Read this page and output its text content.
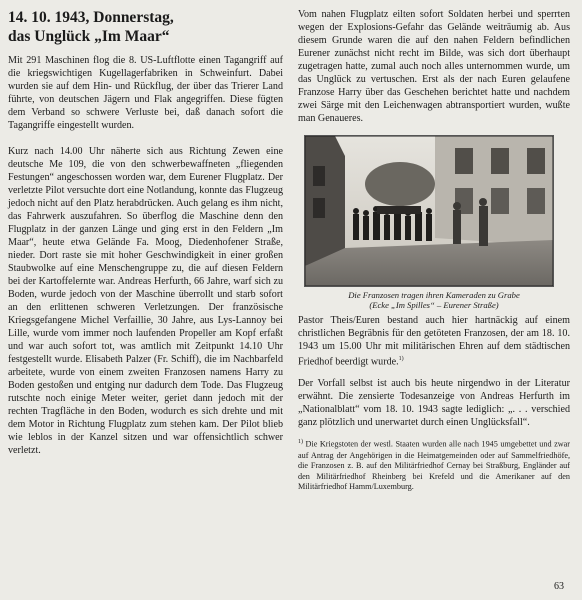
14. 10. 1943, Donnerstag,
das Unglück „Im Maar“

Mit 291 Maschinen flog die 8. US-Luftflotte einen Tagangriff auf die kriegswichtigen Kugellagerfabriken in Schweinfurt. Dabei wurden sie auf dem Hin- und Rückflug, der über das Trierer Land führte, von deutschen Jägern und Flak angegriffen. Diese fügten dem Verband so schwere Verluste bei, daß danach sofort die Tagangriffe eingestellt wurden.

Kurz nach 14.00 Uhr näherte sich aus Richtung Zewen eine deutsche Me 109, die von den schwerbewaffneten „fliegenden Festungen“ angeschossen worden war, dem Eurener Flugplatz. Der verletzte Pilot versuchte dort eine Notlandung, konnte das Flugzeug jedoch nicht auf den Platz herabdrücken. Auch gelang es ihm nicht, das Fahrwerk auszufahren. So überflog die Maschine denn den Flugplatz in der ganzen Länge und ging erst in den Feldern „Im Maar“, heute etwa Gelände Fa. Moog, Diedenhofener Straße, nieder. Dort raste sie mit hoher Geschwindigkeit in einer großen Staubwolke auf eine Menschengruppe zu, die auf diesen Feldern bei der Kartoffelernte war. Andreas Herfurth, 66 Jahre, warf sich zu Boden, wurde jedoch von der Maschine überrollt und starb sofort an den erlittenen schweren Verletzungen. Der französische Kriegsgefangene Michel Verfaillie, 30 Jahre, aus Lys-Lannoy bei Lille, wurde vom immer noch laufenden Propeller am Kopf erfaßt und war auch sofort tot, was amtlich mit Zeitpunkt 14.10 Uhr festgestellt wurde. Elisabeth Palzer (Fr. Schiff), die im Nachbarfeld arbeitete, wurde von einem zweiten Franzosen namens Harry zu Boden gestoßen und entging nur dadurch dem Tode. Das Flugzeug rutschte noch einige Meter weiter, geriet dann jedoch mit der rechten Tragfläche in den Boden, wodurch es sich drehte und mit dem Motor in Richtung Flugplatz zum stehen kam. Der Pilot blieb wie leblos in der Kanzel sitzen und war offensichtlich schwer verletzt.

Vom nahen Flugplatz eilten sofort Soldaten herbei und sperrten wegen der Explosions-Gefahr das Gelände weiträumig ab. Aus diesem Grunde waren die auf den nahen Feldern befindlichen Eurener zunächst nicht recht im Bilde, was sich dort überhaupt zugetragen hatte, zumal auch noch alles unternommen wurde, um das Unglück zu vertuschen. Erst als der nach Euren gelaufene Franzose Harry über das Geschehen berichtet hatte und nachdem zwei Särge mit den Leichenwagen abtransportiert wurden, wußte man Genaueres.

Die Franzosen tragen ihren Kameraden zu Grabe
(Ecke „Im Spilles“ – Eurener Straße)

Pastor Theis/Euren bestand auch hier hartnäckig auf einem christlichen Begräbnis für den getöteten Franzosen, der am 18. 10. 1943 um 15.00 Uhr mit militärischen Ehren auf dem städtischen Friedhof beerdigt wurde.$^{1)}$

Der Vorfall selbst ist auch bis heute nirgendwo in der Literatur erwähnt. Die zensierte Todesanzeige von Andreas Herfurth im „Nationalblatt“ vom 18. 10. 1943 sagte lediglich: „. . . verschied ganz plötzlich und unerwartet durch einen Unglücksfall“.

$^{1)}$ Die Kriegstoten der westl. Staaten wurden alle nach 1945 umgebettet und zwar auf Antrag der Angehörigen in die Heimatgemeinden oder auf Sammelfriedhöfe, die Franzosen z. B. auf den Militärfriedhof Cernay bei Straßburg, Engländer auf den Militärfriedhof Rheinberg bei Krefeld und die Amerikaner auf den Militärfriedhof Hamm/Luxemburg.

63
